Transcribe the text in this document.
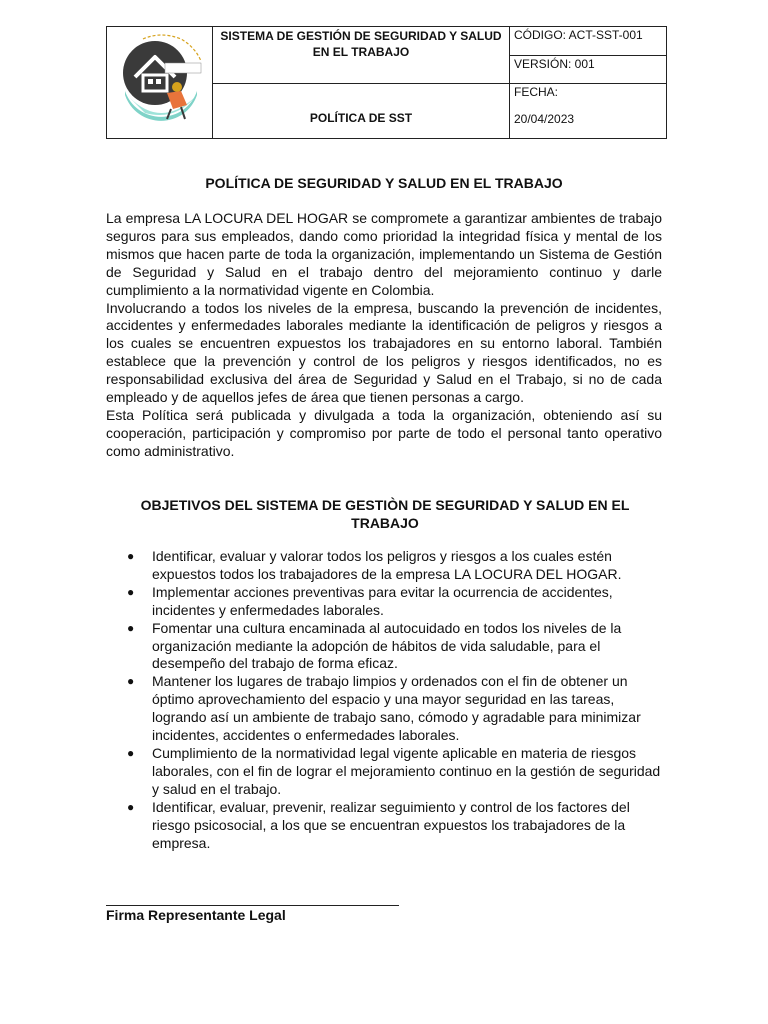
SISTEMA DE GESTIÓN DE SEGURIDAD Y SALUD EN EL TRABAJO
POLÍTICA DE SST
CÓDIGO: ACT-SST-001
VERSIÓN: 001
FECHA:
20/04/2023
POLÍTICA DE SEGURIDAD Y SALUD EN EL TRABAJO

La empresa LA LOCURA DEL HOGAR se compromete a garantizar ambientes de trabajo seguros para sus empleados, dando como prioridad la integridad física y mental de los mismos que hacen parte de toda la organización, implementando un Sistema de Gestión de Seguridad y Salud en el trabajo dentro del mejoramiento continuo y darle cumplimiento a la normatividad vigente en Colombia.

Involucrando a todos los niveles de la empresa, buscando la prevención de incidentes, accidentes y enfermedades laborales mediante la identificación de peligros y riesgos a los cuales se encuentren expuestos los trabajadores en su entorno laboral. También establece que la prevención y control de los peligros y riesgos identificados, no es responsabilidad exclusiva del área de Seguridad y Salud en el Trabajo, si no de cada empleado y de aquellos jefes de área que tienen personas a cargo.

Esta Política será publicada y divulgada a toda la organización, obteniendo así su cooperación, participación y compromiso por parte de todo el personal tanto operativo como administrativo.

OBJETIVOS DEL SISTEMA DE GESTIÒN DE SEGURIDAD Y SALUD EN EL TRABAJO
● Identificar, evaluar y valorar todos los peligros y riesgos a los cuales estén expuestos todos los trabajadores de la empresa LA LOCURA DEL HOGAR.
● Implementar acciones preventivas para evitar la ocurrencia de accidentes, incidentes y enfermedades laborales.
● Fomentar una cultura encaminada al autocuidado en todos los niveles de la organización mediante la adopción de hábitos de vida saludable, para el desempeño del trabajo de forma eficaz.
● Mantener los lugares de trabajo limpios y ordenados con el fin de obtener un óptimo aprovechamiento del espacio y una mayor seguridad en las tareas, logrando así un ambiente de trabajo sano, cómodo y agradable para minimizar incidentes, accidentes o enfermedades laborales.
● Cumplimiento de la normatividad legal vigente aplicable en materia de riesgos laborales, con el fin de lograr el mejoramiento continuo en la gestión de seguridad y salud en el trabajo.
● Identificar, evaluar, prevenir, realizar seguimiento y control de los factores del riesgo psicosocial, a los que se encuentran expuestos los trabajadores de la empresa.
Firma Representante Legal
